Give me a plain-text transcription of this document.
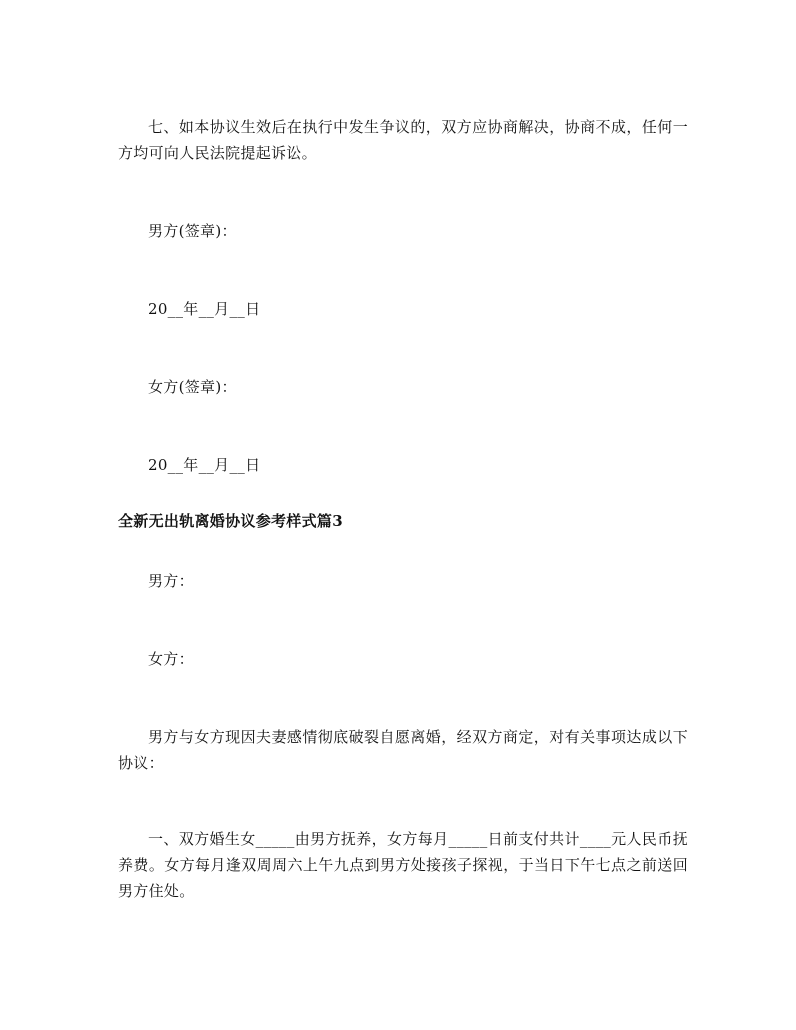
七、如本协议生效后在执行中发生争议的，双方应协商解决，协商不成，任何一方均可向人民法院提起诉讼。

男方(签章)：

20__年__月__日

女方(签章)：

20__年__月__日

全新无出轨离婚协议参考样式篇3

男方：

女方：

男方与女方现因夫妻感情彻底破裂自愿离婚，经双方商定，对有关事项达成以下协议：

一、双方婚生女_____由男方抚养，女方每月_____日前支付共计____元人民币抚养费。女方每月逢双周周六上午九点到男方处接孩子探视，于当日下午七点之前送回男方住处。
